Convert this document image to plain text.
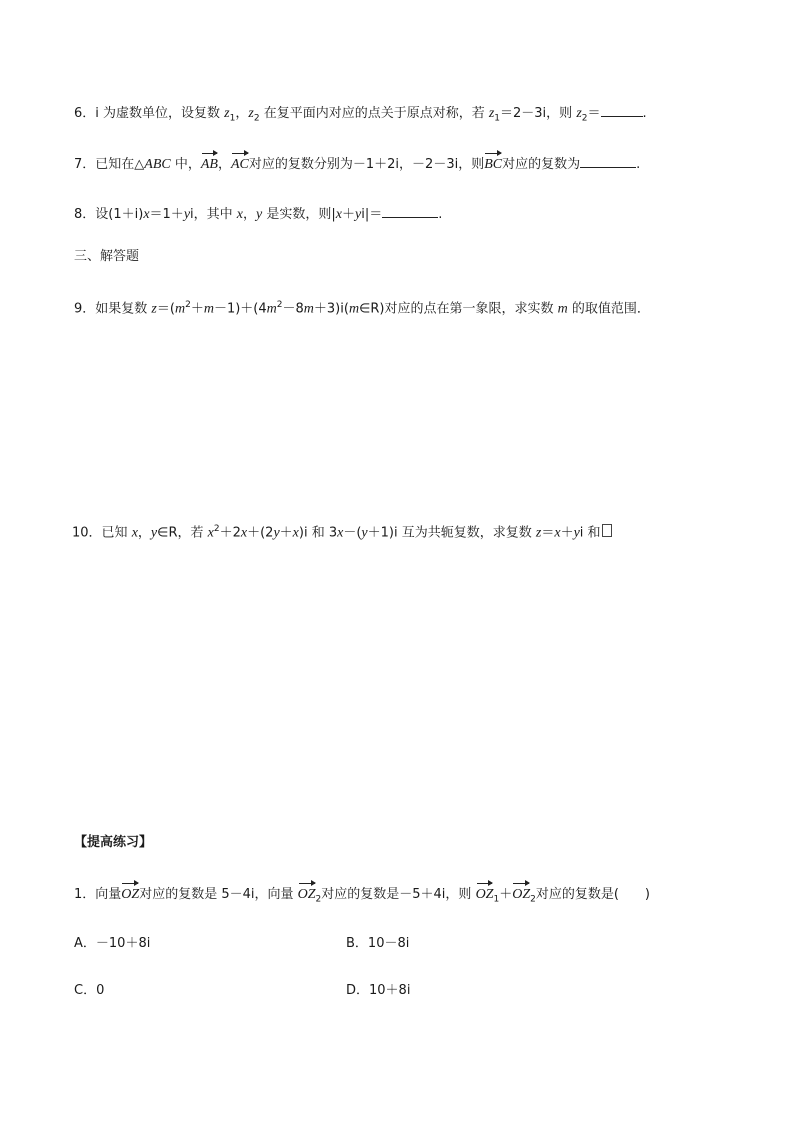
6．i 为虚数单位，设复数 $z_1$，$z_2$ 在复平面内对应的点关于原点对称，若 $z_1=2-3i$，则 $z_2=$	.
7．已知在△ABC 中，AB，AC对应的复数分别为－1＋2i，－2－3i，则BC对应的复数为	.
8．设(1＋i)x＝1＋yi，其中 x，y 是实数，则|x＋yi|＝	.
三、解答题
9．如果复数 $z=(m^2+m-1)+(4m^2-8m+3)i(m\in R)$对应的点在第一象限，求实数 m 的取值范围．
10．已知 x，y∈R，若 $x^2+2x+(2y+x)i$ 和 3x－(y＋1)i 互为共轭复数，求复数 z＝x＋yi 和
【提高练习】
1．向量OZ对应的复数是 5－4i，向量 $OZ_2$对应的复数是－5＋4i，则 $OZ_1+OZ_2$对应的复数是(　　)
A．－10＋8i	B．10－8i
C．0	D．10＋8i
